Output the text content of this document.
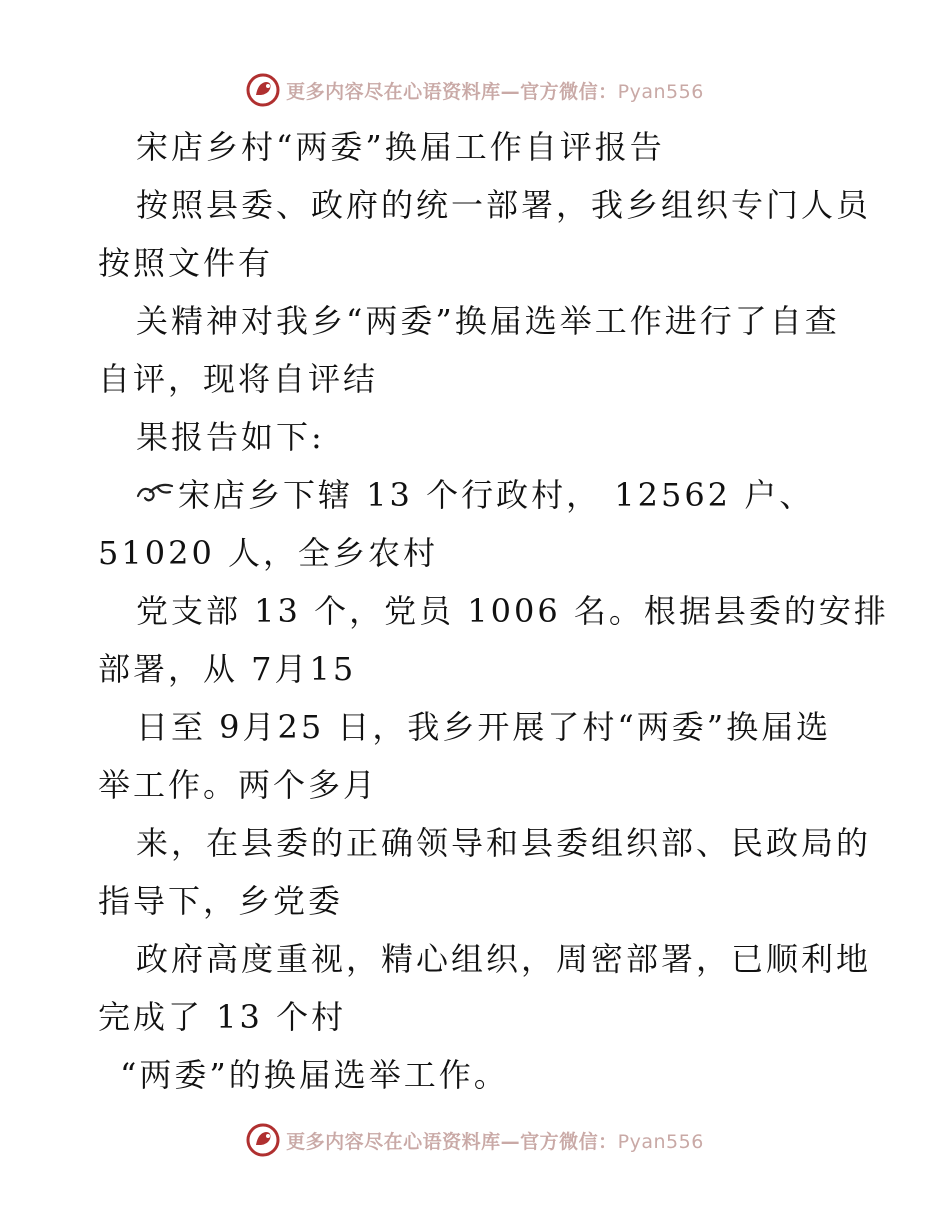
更多内容尽在心语资料库—官方微信：Pyan556
宋店乡村“两委”换届工作自评报告
按照县委、政府的统一部署，我乡组织专门人员
按照文件有
关精神对我乡“两委”换届选举工作进行了自查
自评，现将自评结
果报告如下:
宋店乡下辖 13 个行政村， 12562 户、
51020 人，全乡农村
党支部 13 个，党员 1006 名。根据县委的安排
部署，从 7月15
日至 9月25 日，我乡开展了村“两委”换届选
举工作。两个多月
来，在县委的正确领导和县委组织部、民政局的
指导下，乡党委
政府高度重视，精心组织，周密部署，已顺利地
完成了 13 个村
“两委”的换届选举工作。
更多内容尽在心语资料库—官方微信：Pyan556
